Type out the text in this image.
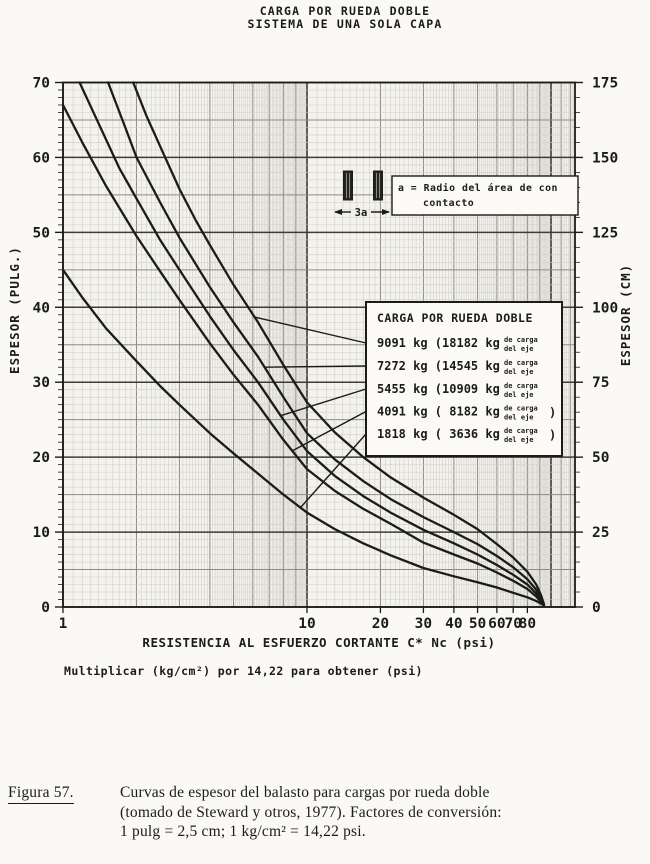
CARGA POR RUEDA DOBLE
SISTEMA DE UNA SOLA CAPA
0
10
20
30
40
50
60
70
0
25
50
75
100
125
150
175
1	10	20 30 40 50 60
70
80
ESPESOR (PULG.)	ESPESOR (CM)
RESISTENCIA AL ESFUERZO CORTANTE C* Nc (psi)
CARGA POR RUEDA DOBLE
9091 kg (18182 kg de carga
del eje
7272 kg (14545 kg de carga
del eje
5455 kg (10909 kg de carga
del eje
4091 kg ( 8182 kg de carga
del eje )
1818 kg ( 3636 kg de carga
del eje )
3a
a = Radio del área de con
contacto
Multiplicar (kg/cm²) por 14,22 para obtener (psi)
Figura 57.	Curvas de espesor del balasto para cargas por rueda doble
(tomado de Steward y otros, 1977). Factores de conversión:
1 pulg = 2,5 cm; 1 kg/cm² = 14,22 psi.
